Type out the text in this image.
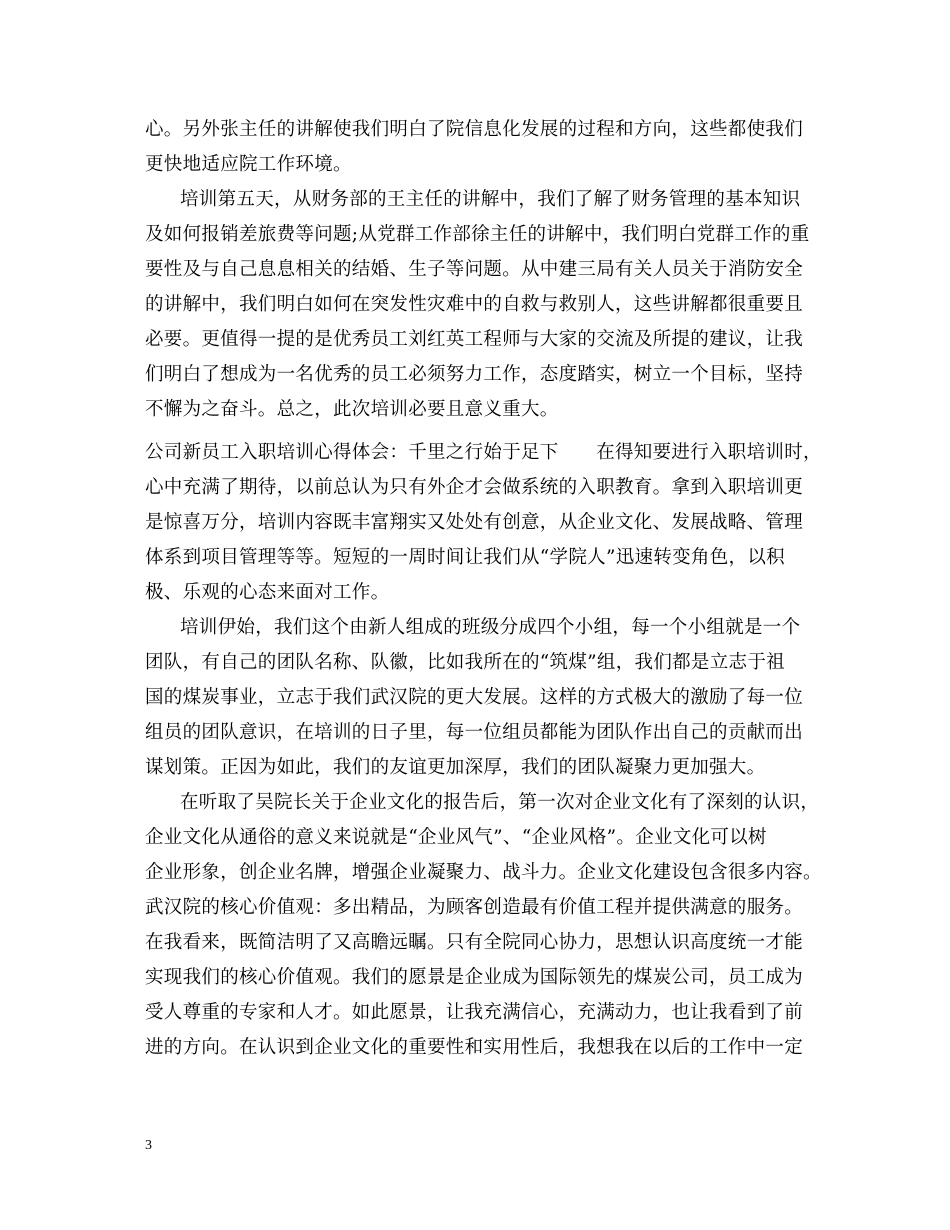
心。另外张主任的讲解使我们明白了院信息化发展的过程和方向，这些都使我们
更快地适应院工作环境。
培训第五天，从财务部的王主任的讲解中，我们了解了财务管理的基本知识
及如何报销差旅费等问题;从党群工作部徐主任的讲解中，我们明白党群工作的重
要性及与自己息息相关的结婚、生子等问题。从中建三局有关人员关于消防安全
的讲解中，我们明白如何在突发性灾难中的自救与救别人，这些讲解都很重要且
必要。更值得一提的是优秀员工刘红英工程师与大家的交流及所提的建议，让我
们明白了想成为一名优秀的员工必须努力工作，态度踏实，树立一个目标，坚持
不懈为之奋斗。总之，此次培训必要且意义重大。
公司新员工入职培训心得体会：千里之行始于足下　　在得知要进行入职培训时，
心中充满了期待，以前总认为只有外企才会做系统的入职教育。拿到入职培训更
是惊喜万分，培训内容既丰富翔实又处处有创意，从企业文化、发展战略、管理
体系到项目管理等等。短短的一周时间让我们从“学院人”迅速转变角色，以积
极、乐观的心态来面对工作。
培训伊始，我们这个由新人组成的班级分成四个小组，每一个小组就是一个
团队，有自己的团队名称、队徽，比如我所在的“筑煤”组，我们都是立志于祖
国的煤炭事业，立志于我们武汉院的更大发展。这样的方式极大的激励了每一位
组员的团队意识，在培训的日子里，每一位组员都能为团队作出自己的贡献而出
谋划策。正因为如此，我们的友谊更加深厚，我们的团队凝聚力更加强大。
在听取了吴院长关于企业文化的报告后，第一次对企业文化有了深刻的认识，
企业文化从通俗的意义来说就是“企业风气”、“企业风格”。企业文化可以树
企业形象，创企业名牌，增强企业凝聚力、战斗力。企业文化建设包含很多内容。
武汉院的核心价值观：多出精品，为顾客创造最有价值工程并提供满意的服务。
在我看来，既简洁明了又高瞻远瞩。只有全院同心协力，思想认识高度统一才能
实现我们的核心价值观。我们的愿景是企业成为国际领先的煤炭公司，员工成为
受人尊重的专家和人才。如此愿景，让我充满信心，充满动力，也让我看到了前
进的方向。在认识到企业文化的重要性和实用性后，我想我在以后的工作中一定
3
